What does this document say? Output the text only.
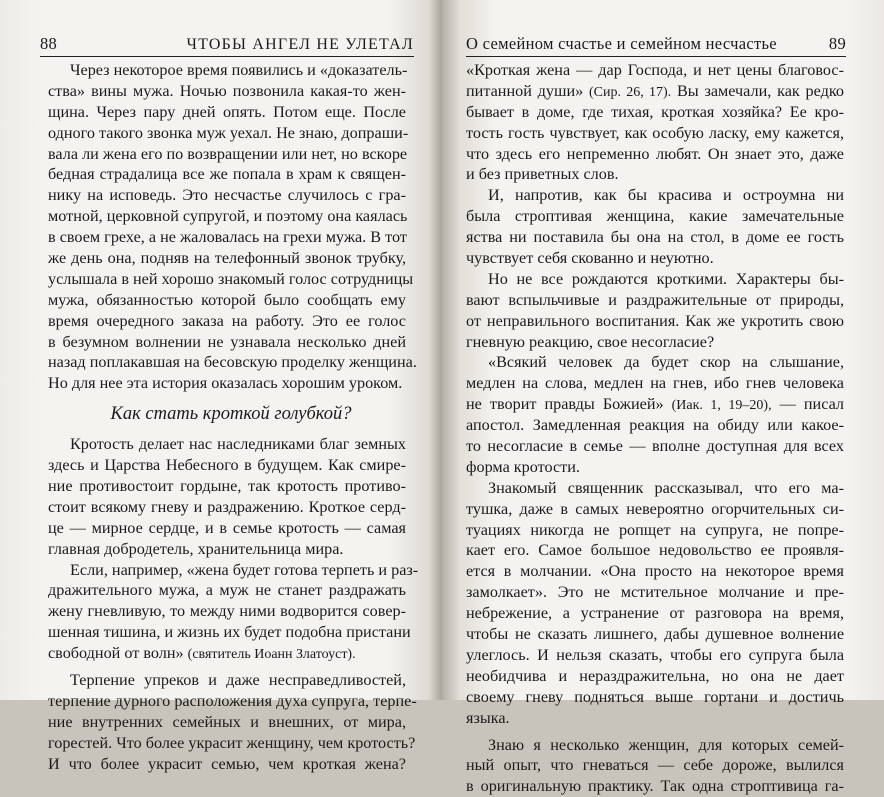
88	ЧТОБЫ АНГЕЛ НЕ УЛЕТАЛ
Через некоторое время появились и «доказатель-
ства» вины мужа. Ночью позвонила какая-то жен-
щина. Через пару дней опять. Потом еще. После
одного такого звонка муж уехал. Не знаю, допраши-
вала ли жена его по возвращении или нет, но вскоре
бедная страдалица все же попала в храм к священ-
нику на исповедь. Это несчастье случилось с гра-
мотной, церковной супругой, и поэтому она каялась
в своем грехе, а не жаловалась на грехи мужа. В тот
же день она, подняв на телефонный звонок трубку,
услышала в ней хорошо знакомый голос сотрудницы
мужа, обязанностью которой было сообщать ему
время очередного заказа на работу. Это ее голос
в безумном волнении не узнавала несколько дней
назад поплакавшая на бесовскую проделку женщина.
Но для нее эта история оказалась хорошим уроком.
Как стать кроткой голубкой?
Кротость делает нас наследниками благ земных
здесь и Царства Небесного в будущем. Как смире-
ние противостоит гордыне, так кротость противо-
стоит всякому гневу и раздражению. Кроткое серд-
це — мирное сердце, и в семье кротость — самая
главная добродетель, хранительница мира.
Если, например, «жена будет готова терпеть и раз-
дражительного мужа, а муж не станет раздражать
жену гневливую, то между ними водворится совер-
шенная тишина, и жизнь их будет подобна пристани
свободной от волн» (святитель Иоанн Златоуст).
Терпение упреков и даже несправедливостей,
терпение дурного расположения духа супруга, терпе-
ние внутренних семейных и внешних, от мира,
горестей. Что более украсит женщину, чем кротость?
И что более украсит семью, чем кроткая жена?
О семейном счастье и семейном несчастье	89
«Кроткая жена — дар Господа, и нет цены благовос-
питанной души» (Сир. 26, 17). Вы замечали, как редко
бывает в доме, где тихая, кроткая хозяйка? Ее кро-
тость гость чувствует, как особую ласку, ему кажется,
что здесь его непременно любят. Он знает это, даже
и без приветных слов.
И, напротив, как бы красива и остроумна ни
была строптивая женщина, какие замечательные
яства ни поставила бы она на стол, в доме ее гость
чувствует себя скованно и неуютно.
Но не все рождаются кроткими. Характеры бы-
вают вспыльчивые и раздражительные от природы,
от неправильного воспитания. Как же укротить свою
гневную реакцию, свое несогласие?
«Всякий человек да будет скор на слышание,
медлен на слова, медлен на гнев, ибо гнев человека
не творит правды Божией» (Иак. 1, 19–20), — писал
апостол. Замедленная реакция на обиду или какое-
то несогласие в семье — вполне доступная для всех
форма кротости.
Знакомый священник рассказывал, что его ма-
тушка, даже в самых невероятно огорчительных си-
туациях никогда не ропщет на супруга, не попре-
кает его. Самое большое недовольство ее проявля-
ется в молчании. «Она просто на некоторое время
замолкает». Это не мстительное молчание и пре-
небрежение, а устранение от разговора на время,
чтобы не сказать лишнего, дабы душевное волнение
улеглось. И нельзя сказать, чтобы его супруга была
необидчива и нераздражительна, но она не дает
своему гневу подняться выше гортани и достичь
языка.
Знаю я несколько женщин, для которых семей-
ный опыт, что гневаться — себе дороже, вылился
в оригинальную практику. Так одна строптивица га-
